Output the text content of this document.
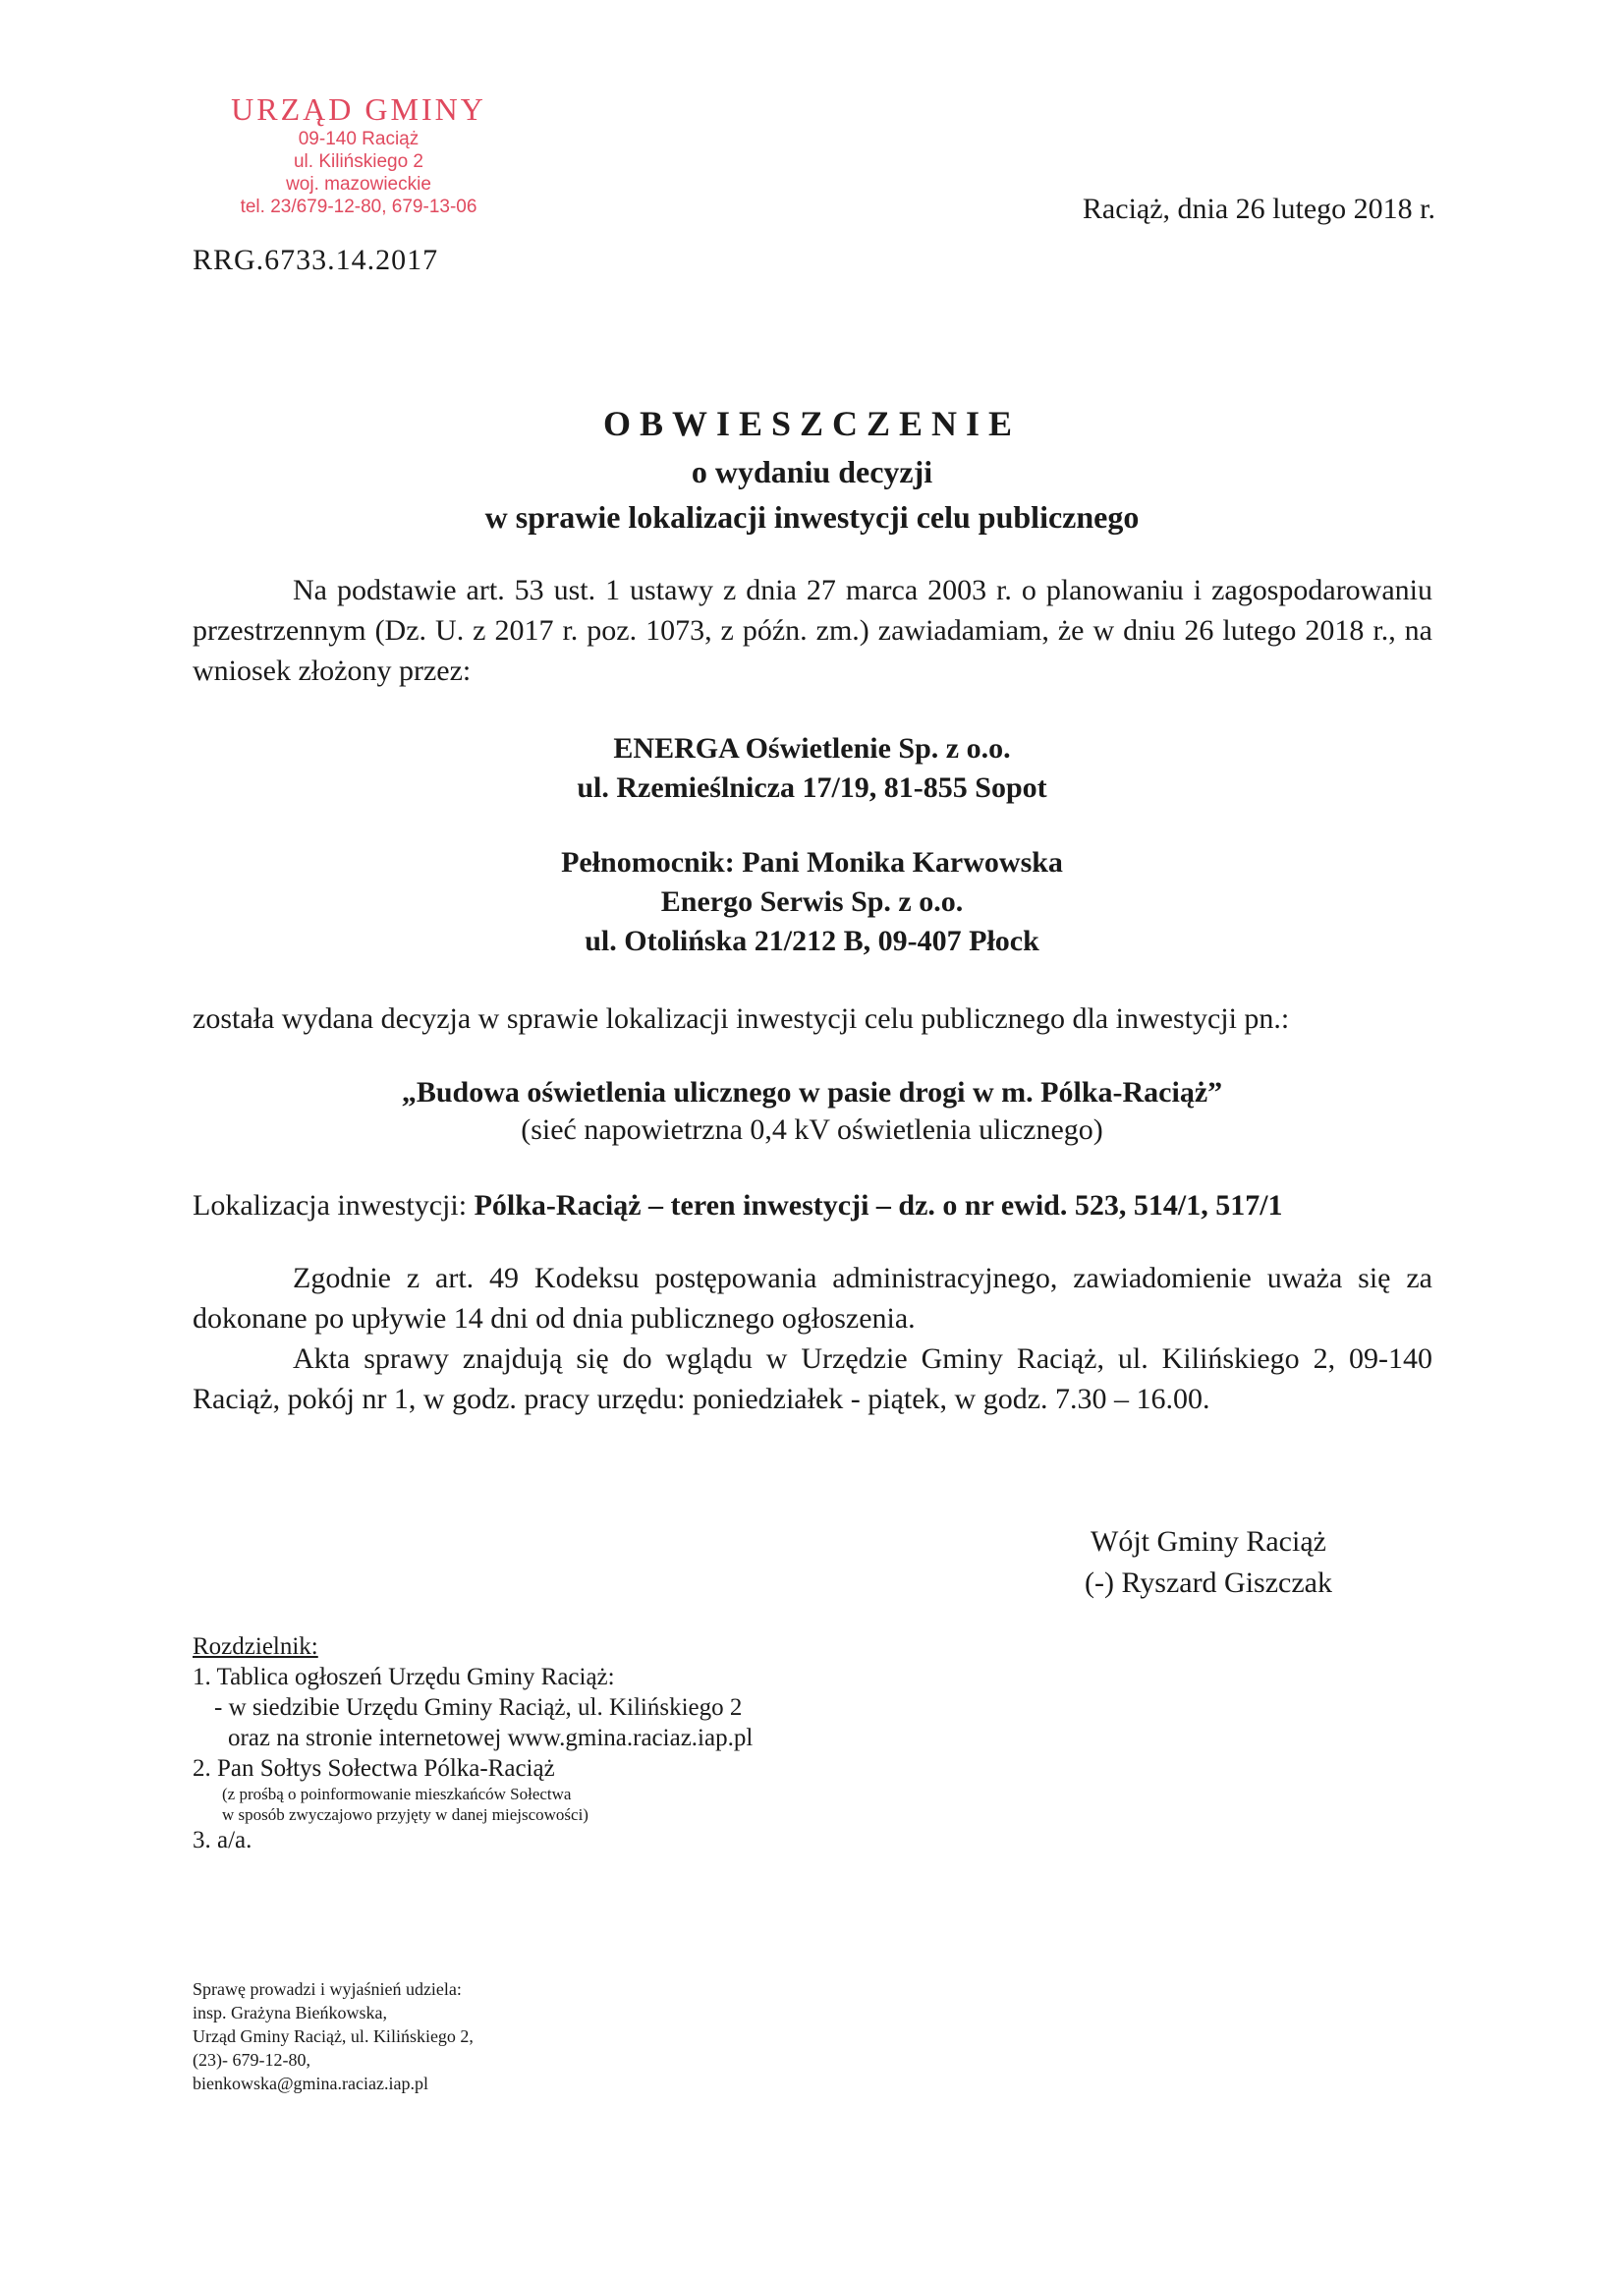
URZĄD GMINY
09-140 Raciąż
ul. Kilińskiego 2
woj. mazowieckie
tel. 23/679-12-80, 679-13-06	Raciąż, dnia 26 lutego 2018 r.
RRG.6733.14.2017
OBWIESZCZENIE
o wydaniu decyzji
w sprawie lokalizacji inwestycji celu publicznego
Na podstawie art. 53 ust. 1 ustawy z dnia 27 marca 2003 r. o planowaniu i zagospodarowaniu przestrzennym (Dz. U. z 2017 r. poz. 1073, z późn. zm.) zawiadamiam, że w dniu 26 lutego 2018 r., na wniosek złożony przez:
ENERGA Oświetlenie Sp. z o.o.
ul. Rzemieślnicza 17/19, 81-855 Sopot
Pełnomocnik: Pani Monika Karwowska
Energo Serwis Sp. z o.o.
ul. Otolińska 21/212 B, 09-407 Płock
została wydana decyzja w sprawie lokalizacji inwestycji celu publicznego dla inwestycji pn.:
„Budowa oświetlenia ulicznego w pasie drogi w m. Pólka-Raciąż”
(sieć napowietrzna 0,4 kV oświetlenia ulicznego)
Lokalizacja inwestycji: Pólka-Raciąż – teren inwestycji – dz. o nr ewid. 523, 514/1, 517/1
Zgodnie z art. 49 Kodeksu postępowania administracyjnego, zawiadomienie uważa się za dokonane po upływie 14 dni od dnia publicznego ogłoszenia.
Akta sprawy znajdują się do wglądu w Urzędzie Gminy Raciąż, ul. Kilińskiego 2, 09-140 Raciąż, pokój nr 1, w godz. pracy urzędu: poniedziałek - piątek, w godz. 7.30 – 16.00.
Wójt Gminy Raciąż
(-) Ryszard Giszczak
Rozdzielnik:
1. Tablica ogłoszeń Urzędu Gminy Raciąż:
- w siedzibie Urzędu Gminy Raciąż, ul. Kilińskiego 2
oraz na stronie internetowej www.gmina.raciaz.iap.pl
2. Pan Sołtys Sołectwa Pólka-Raciąż
(z prośbą o poinformowanie mieszkańców Sołectwa
w sposób zwyczajowo przyjęty w danej miejscowości)
3. a/a.
Sprawę prowadzi i wyjaśnień udziela:
insp. Grażyna Bieńkowska,
Urząd Gminy Raciąż, ul. Kilińskiego 2,
(23)- 679-12-80,
bienkowska@gmina.raciaz.iap.pl
